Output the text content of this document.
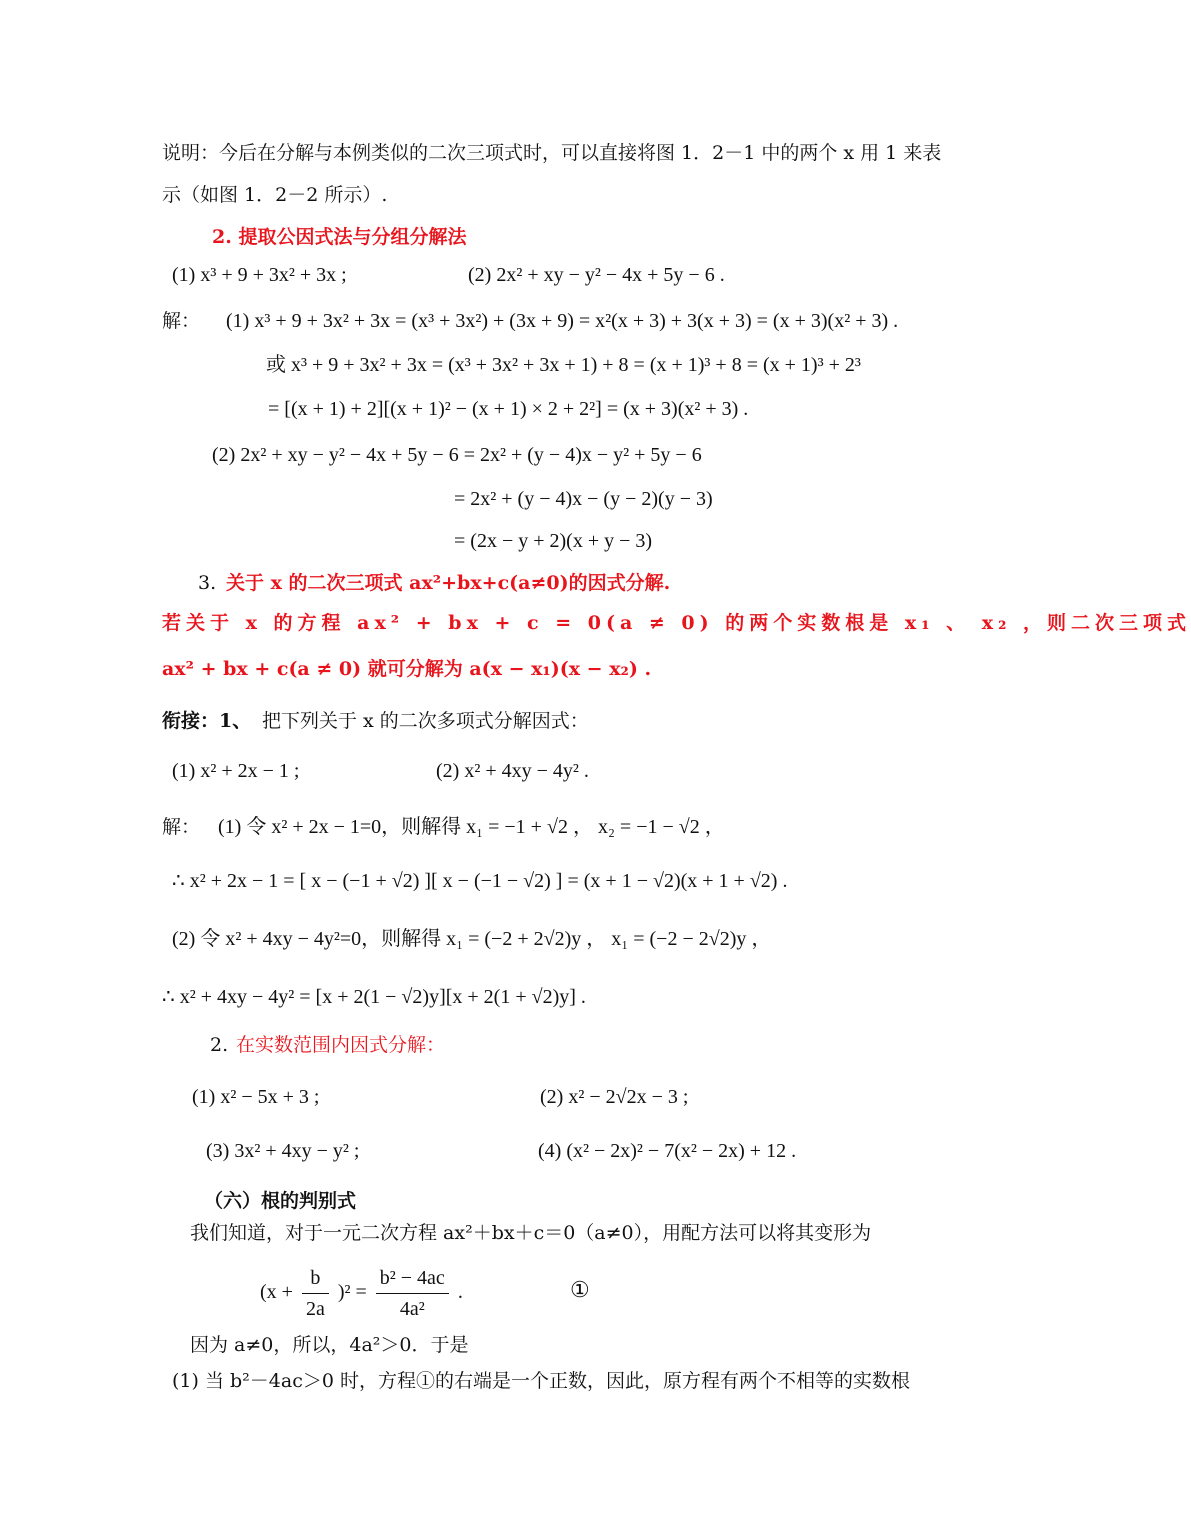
说明：今后在分解与本例类似的二次三项式时，可以直接将图 1．2－1 中的两个 x 用 1 来表
示（如图 1．2－2 所示）.
2. 提取公因式法与分组分解法
(1) x³ + 9 + 3x² + 3x ;	(2) 2x² + xy − y² − 4x + 5y − 6 .
解： (1) x³ + 9 + 3x² + 3x = (x³ + 3x²) + (3x + 9) = x²(x + 3) + 3(x + 3) = (x + 3)(x² + 3) .
或 x³ + 9 + 3x² + 3x = (x³ + 3x² + 3x + 1) + 8 = (x + 1)³ + 8 = (x + 1)³ + 2³
= [(x + 1) + 2][(x + 1)² − (x + 1) × 2 + 2²] = (x + 3)(x² + 3) .
(2) 2x² + xy − y² − 4x + 5y − 6 = 2x² + (y − 4)x − y² + 5y − 6
= 2x² + (y − 4)x − (y − 2)(y − 3)
= (2x − y + 2)(x + y − 3)
3. 关于 x 的二次三项式 ax²+bx+c(a≠0)的因式分解.
若关于 x 的方程 ax² + bx + c = 0(a ≠ 0) 的两个实数根是 x₁ 、 x₂ ，则二次三项式
ax² + bx + c(a ≠ 0) 就可分解为 a(x − x₁)(x − x₂) .
衔接：1、 把下列关于 x 的二次多项式分解因式：
(1) x² + 2x − 1 ;	(2) x² + 4xy − 4y² .
解： (1) 令 x² + 2x − 1=0，则解得 x₁ = −1 + √2 ， x₂ = −1 − √2 ，
∴ x² + 2x − 1 = [ x − (−1 + √2) ][ x − (−1 − √2) ] = (x + 1 − √2)(x + 1 + √2) .
(2) 令 x² + 4xy − 4y²=0，则解得 x₁ = (−2 + 2√2)y ， x₁ = (−2 − 2√2)y ，
∴ x² + 4xy − 4y² = [x + 2(1 − √2)y][x + 2(1 + √2)y] .
2. 在实数范围内因式分解：
(1) x² − 5x + 3 ;	(2) x² − 2√2x − 3 ;
(3) 3x² + 4xy − y² ;	(4) (x² − 2x)² − 7(x² − 2x) + 12 .
（六）根的判别式
我们知道，对于一元二次方程 ax²＋bx＋c＝0（a≠0），用配方法可以将其变形为
$(x + \frac{b}{2a} )^2 = \frac{\text{b² − 4ac}}{\text{4a²}}$ .	①
因为 a≠0，所以，4a²＞0．于是
(1) 当 b²－4ac＞0 时，方程①的右端是一个正数，因此，原方程有两个不相等的实数根
